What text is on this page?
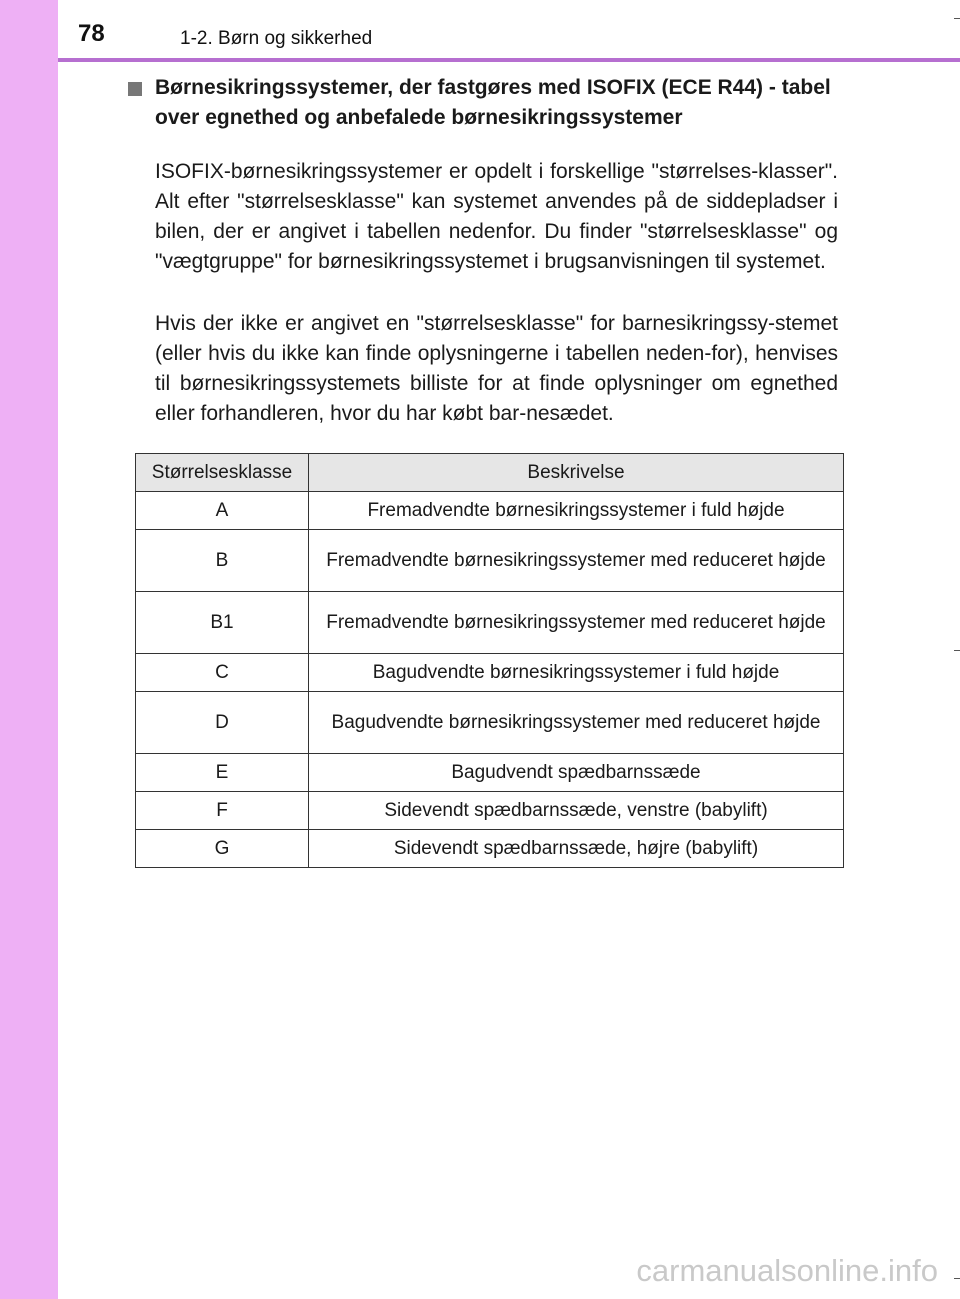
78	1-2. Børn og sikkerhed
Børnesikringssystemer, der fastgøres med ISOFIX (ECE R44) - tabel over egnethed og anbefalede børnesikringssystemer

ISOFIX-børnesikringssystemer er opdelt i forskellige "størrelses-klasser". Alt efter "størrelsesklasse" kan systemet anvendes på de siddepladser i bilen, der er angivet i tabellen nedenfor. Du finder "størrelsesklasse" og "vægtgruppe" for børnesikringssystemet i brugsanvisningen til systemet.

Hvis der ikke er angivet en "størrelsesklasse" for barnesikringssy-stemet (eller hvis du ikke kan finde oplysningerne i tabellen neden-for), henvises til børnesikringssystemets billiste for at finde oplysninger om egnethed eller forhandleren, hvor du har købt bar-nesædet.

Størrelsesklasse	Beskrivelse
A	Fremadvendte børnesikringssystemer i fuld højde
B	Fremadvendte børnesikringssystemer med reduceret højde
B1	Fremadvendte børnesikringssystemer med reduceret højde
C	Bagudvendte børnesikringssystemer i fuld højde
D	Bagudvendte børnesikringssystemer med reduceret højde
E	Bagudvendt spædbarnssæde
F	Sidevendt spædbarnssæde, venstre (babylift)
G	Sidevendt spædbarnssæde, højre (babylift)
carmanualsonline.info
